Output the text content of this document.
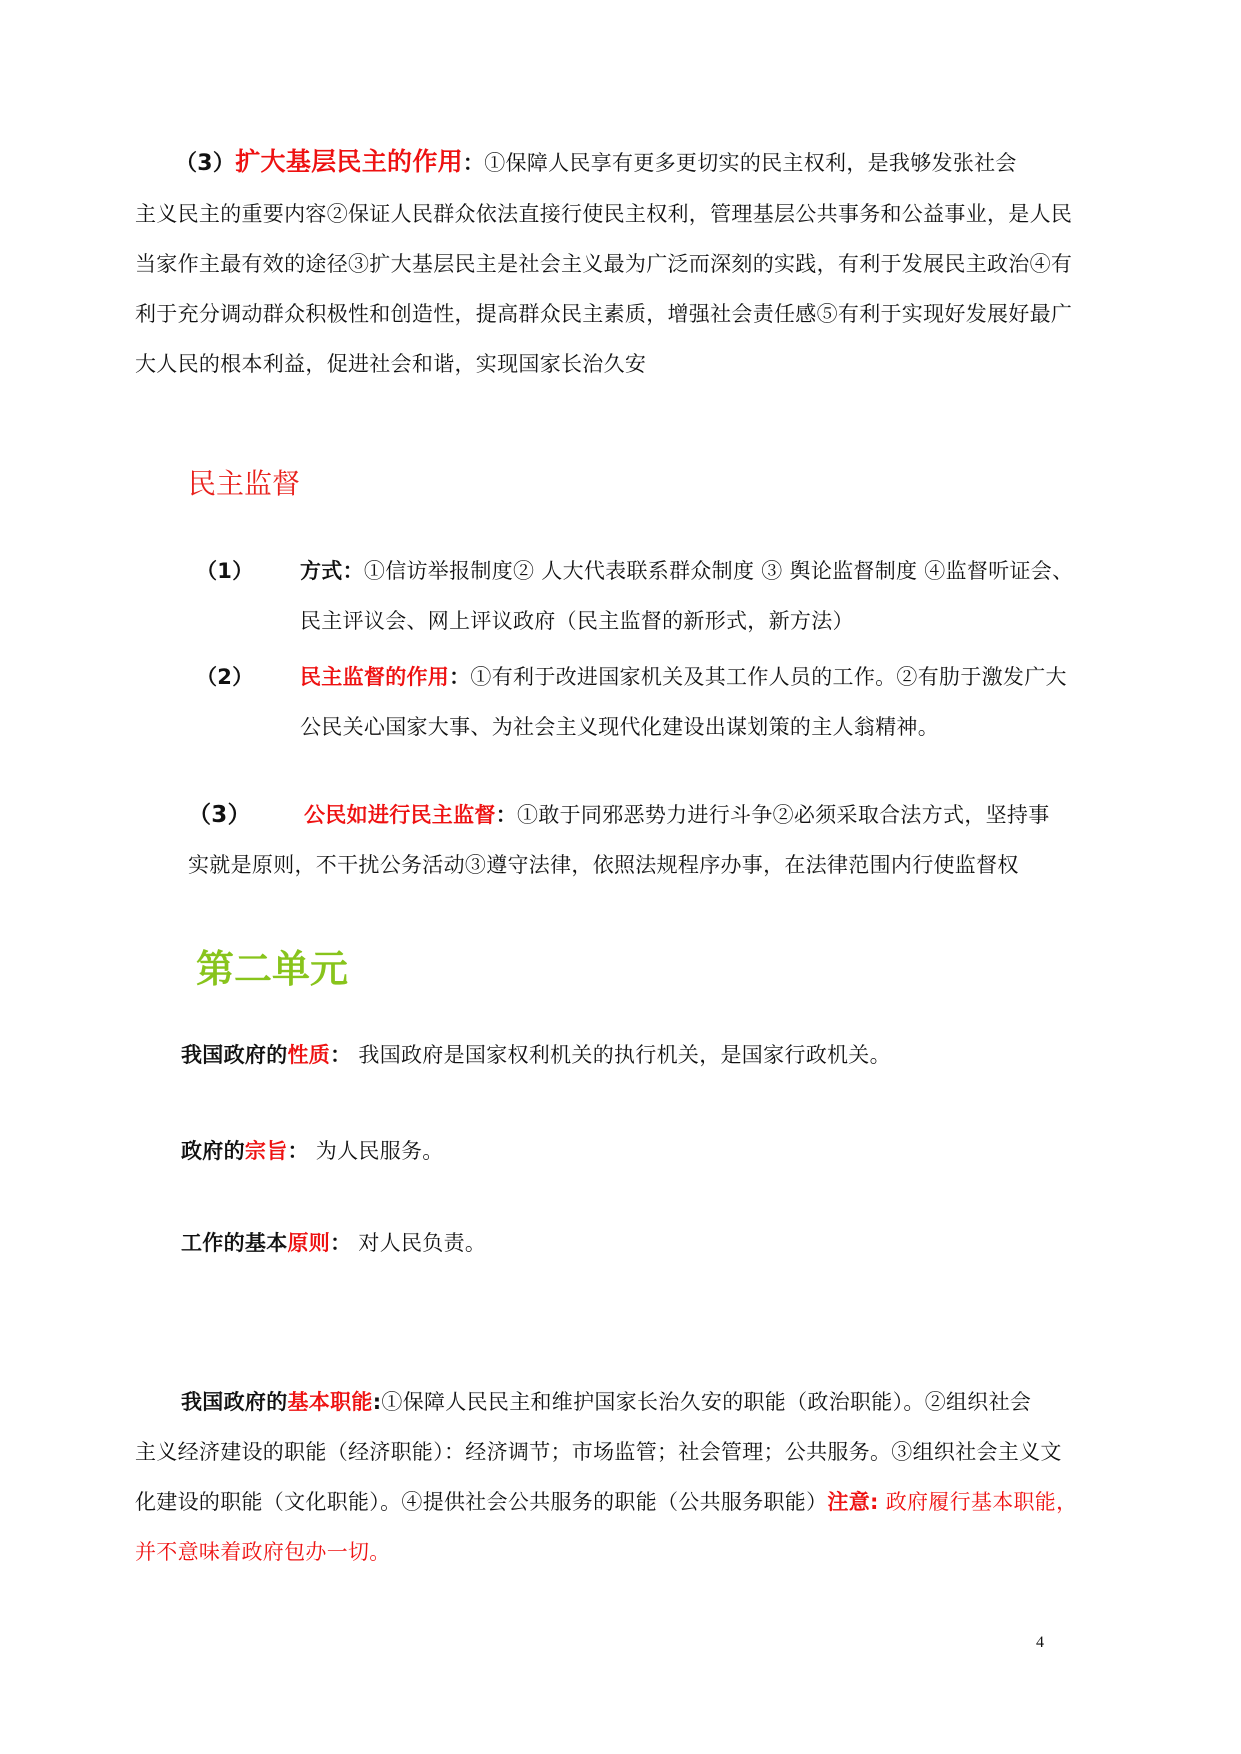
（3）扩大基层民主的作用：①保障人民享有更多更切实的民主权利，是我够发张社会
主义民主的重要内容②保证人民群众依法直接行使民主权利，管理基层公共事务和公益事业，是人民
当家作主最有效的途径③扩大基层民主是社会主义最为广泛而深刻的实践，有利于发展民主政治④有
利于充分调动群众积极性和创造性，提高群众民主素质，增强社会责任感⑤有利于实现好发展好最广
大人民的根本利益，促进社会和谐，实现国家长治久安
民主监督
（1） 方式：①信访举报制度② 人大代表联系群众制度 ③ 舆论监督制度 ④监督听证会、
民主评议会、网上评议政府（民主监督的新形式，新方法）
（2） 民主监督的作用：①有利于改进国家机关及其工作人员的工作。②有肋于激发广大
公民关心国家大事、为社会主义现代化建设出谋划策的主人翁精神。
（3）	公民如进行民主监督：①敢于同邪恶势力进行斗争②必须采取合法方式，坚持事
实就是原则，不干扰公务活动③遵守法律，依照法规程序办事，在法律范围内行使监督权
第二单元
我国政府的性质： 我国政府是国家权利机关的执行机关，是国家行政机关。
政府的宗旨： 为人民服务。
工作的基本原则： 对人民负责。
我国政府的基本职能:①保障人民民主和维护国家长治久安的职能（政治职能）。②组织社会
主义经济建设的职能（经济职能）：经济调节；市场监管；社会管理；公共服务。③组织社会主义文
化建设的职能（文化职能）。④提供社会公共服务的职能（公共服务职能）注意: 政府履行基本职能，
并不意味着政府包办一切。
4
